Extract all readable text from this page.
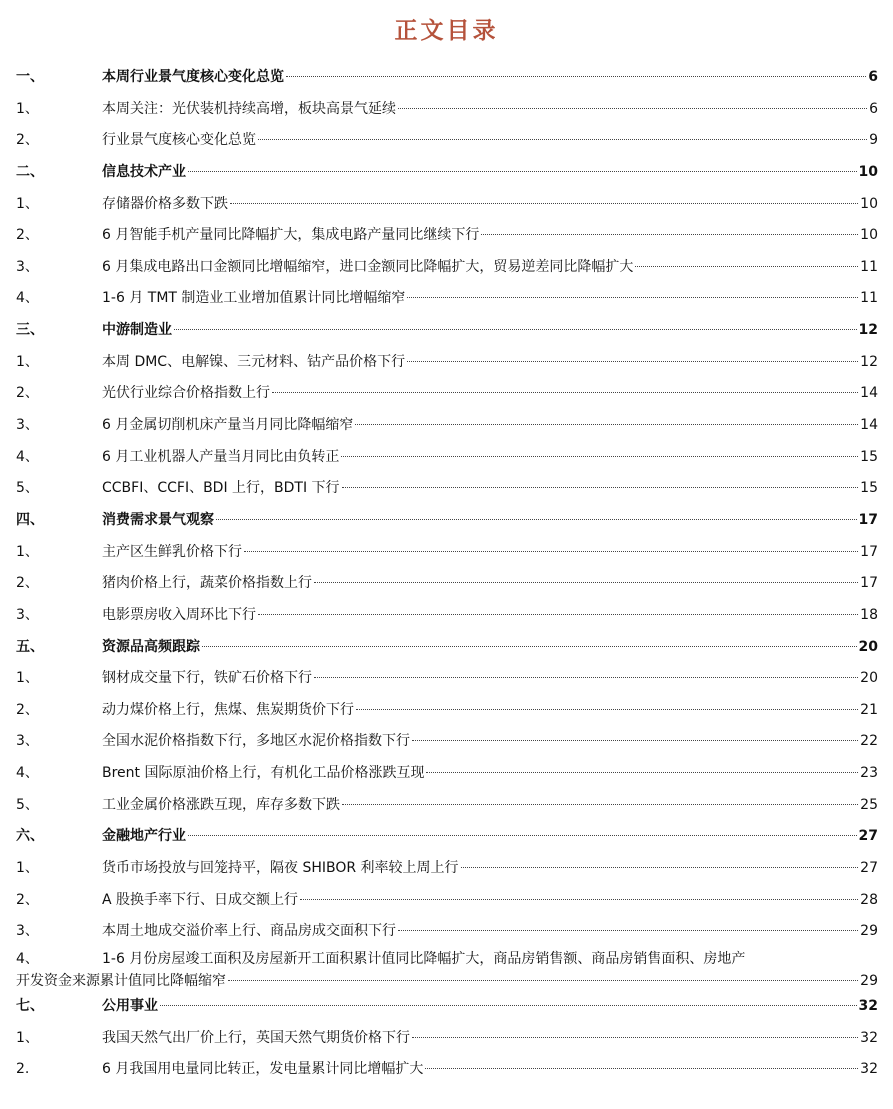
正文目录
一、	本周行业景气度核心变化总览	6
1、	本周关注：光伏装机持续高增，板块高景气延续	6
2、	行业景气度核心变化总览	9
二、	信息技术产业	10
1、	存储器价格多数下跌	10
2、	6 月智能手机产量同比降幅扩大，集成电路产量同比继续下行	10
3、	6 月集成电路出口金额同比增幅缩窄，进口金额同比降幅扩大，贸易逆差同比降幅扩大	11
4、	1-6 月 TMT 制造业工业增加值累计同比增幅缩窄	11
三、	中游制造业	12
1、	本周 DMC、电解镍、三元材料、钴产品价格下行	12
2、	光伏行业综合价格指数上行	14
3、	6 月金属切削机床产量当月同比降幅缩窄	14
4、	6 月工业机器人产量当月同比由负转正	15
5、	CCBFI、CCFI、BDI 上行，BDTI 下行	15
四、	消费需求景气观察	17
1、	主产区生鲜乳价格下行	17
2、	猪肉价格上行，蔬菜价格指数上行	17
3、	电影票房收入周环比下行	18
五、	资源品高频跟踪	20
1、	钢材成交量下行，铁矿石价格下行	20
2、	动力煤价格上行，焦煤、焦炭期货价下行	21
3、	全国水泥价格指数下行，多地区水泥价格指数下行	22
4、	Brent 国际原油价格上行，有机化工品价格涨跌互现	23
5、	工业金属价格涨跌互现，库存多数下跌	25
六、	金融地产行业	27
1、	货币市场投放与回笼持平，隔夜 SHIBOR 利率较上周上行	27
2、	A 股换手率下行、日成交额上行	28
3、	本周土地成交溢价率上行、商品房成交面积下行	29
4、	1-6 月份房屋竣工面积及房屋新开工面积累计值同比降幅扩大，商品房销售额、商品房销售面积、房地产
开发资金来源累计值同比降幅缩窄	29
七、	公用事业	32
1、	我国天然气出厂价上行，英国天然气期货价格下行	32
2.	6 月我国用电量同比转正，发电量累计同比增幅扩大	32
